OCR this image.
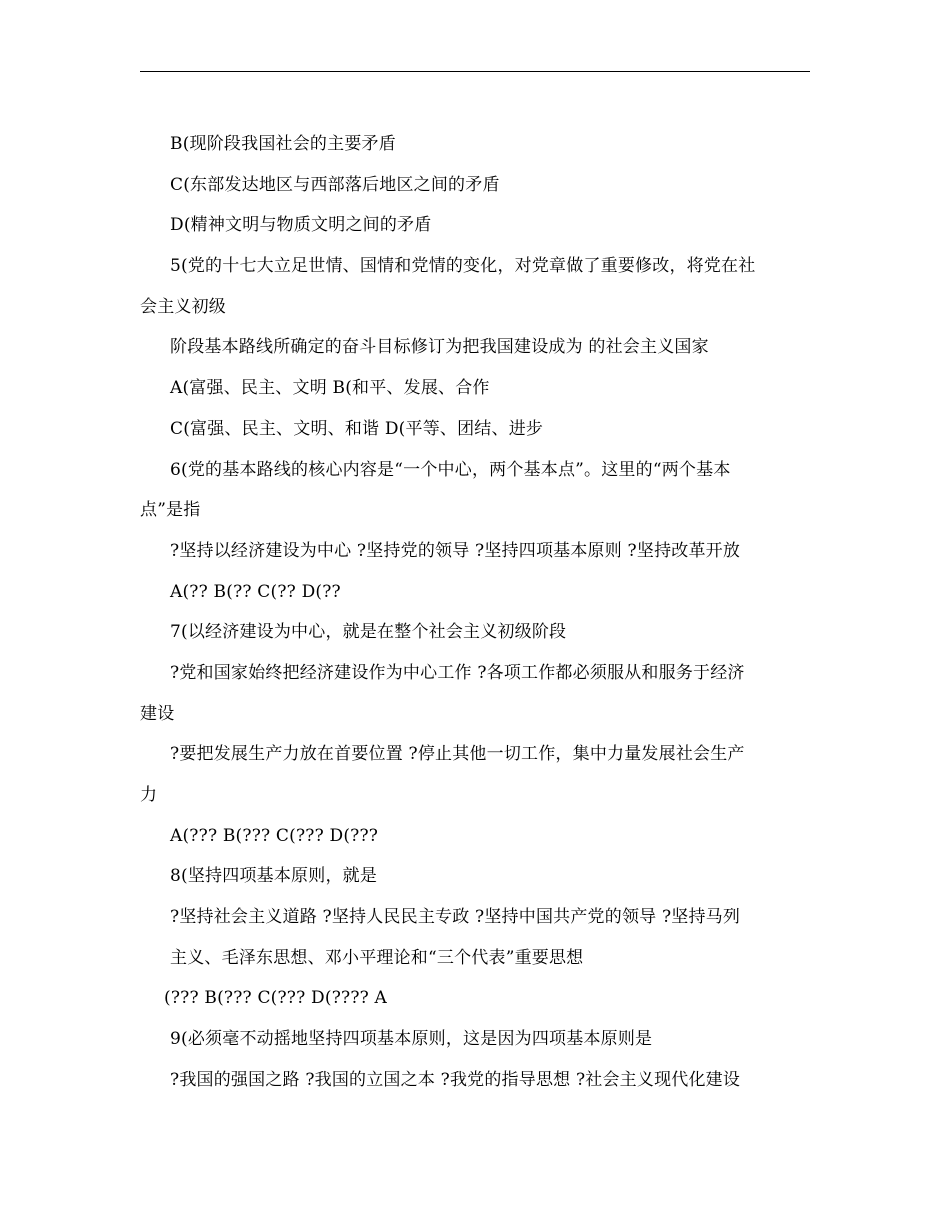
B(现阶段我国社会的主要矛盾
C(东部发达地区与西部落后地区之间的矛盾
D(精神文明与物质文明之间的矛盾
5(党的十七大立足世情、国情和党情的变化，对党章做了重要修改，将党在社
会主义初级
阶段基本路线所确定的奋斗目标修订为把我国建设成为 的社会主义国家
A(富强、民主、文明 B(和平、发展、合作
C(富强、民主、文明、和谐 D(平等、团结、进步
6(党的基本路线的核心内容是“一个中心，两个基本点”。这里的“两个基本
点”是指
?坚持以经济建设为中心 ?坚持党的领导 ?坚持四项基本原则 ?坚持改革开放
A(?? B(?? C(?? D(??
7(以经济建设为中心，就是在整个社会主义初级阶段
?党和国家始终把经济建设作为中心工作 ?各项工作都必须服从和服务于经济
建设
?要把发展生产力放在首要位置 ?停止其他一切工作，集中力量发展社会生产
力
A(??? B(??? C(??? D(???
8(坚持四项基本原则，就是
?坚持社会主义道路 ?坚持人民民主专政 ?坚持中国共产党的领导 ?坚持马列
主义、毛泽东思想、邓小平理论和“三个代表”重要思想
(??? B(??? C(??? D(???? A
9(必须毫不动摇地坚持四项基本原则，这是因为四项基本原则是
?我国的强国之路 ?我国的立国之本 ?我党的指导思想 ?社会主义现代化建设
